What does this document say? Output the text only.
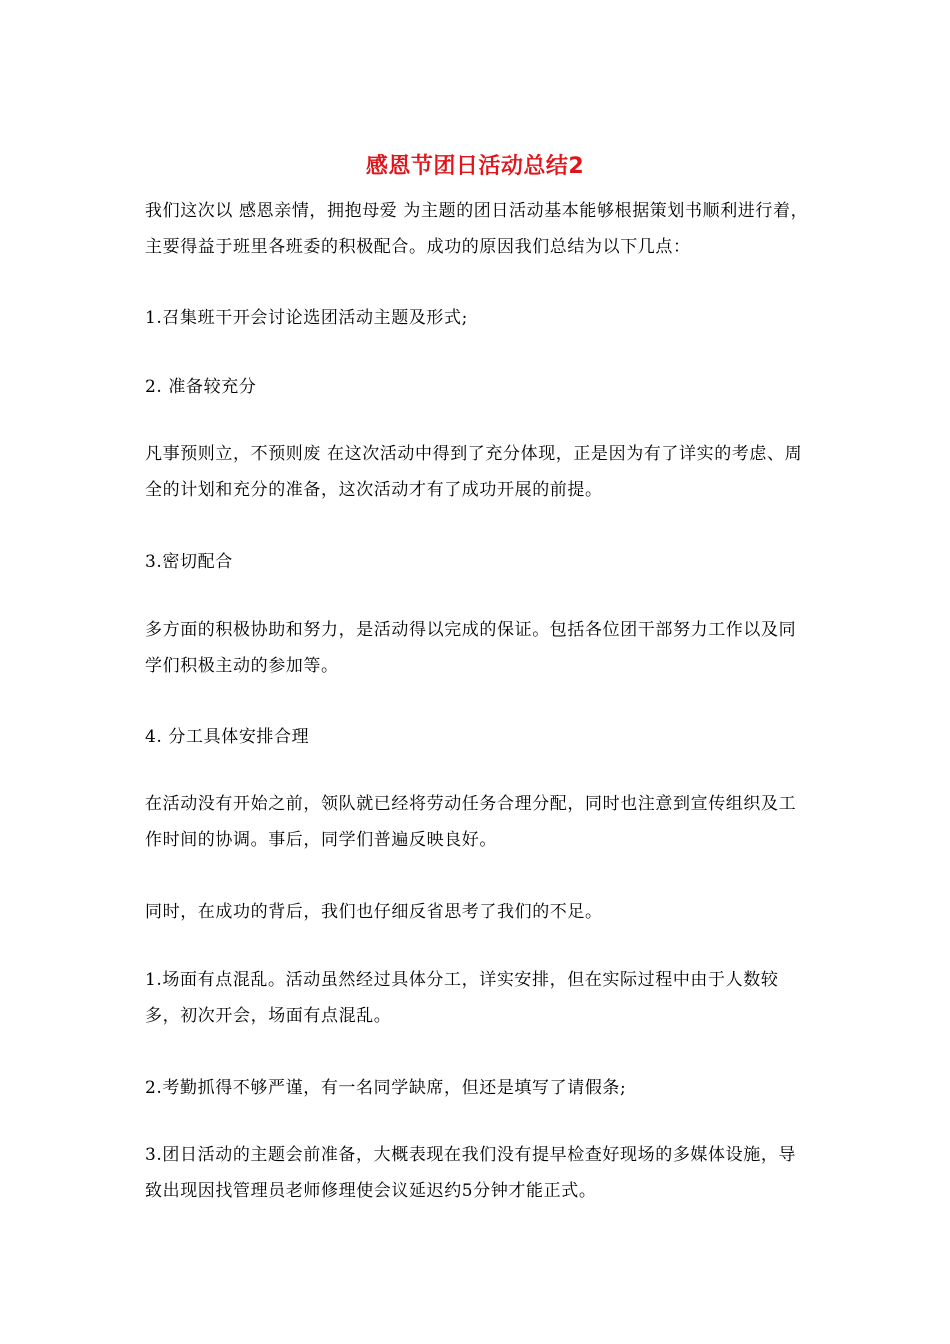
感恩节团日活动总结2
我们这次以 感恩亲情，拥抱母爱 为主题的团日活动基本能够根据策划书顺利进行着，主要得益于班里各班委的积极配合。成功的原因我们总结为以下几点：
1.召集班干开会讨论选团活动主题及形式;
2. 准备较充分
凡事预则立，不预则废 在这次活动中得到了充分体现，正是因为有了详实的考虑、周全的计划和充分的准备，这次活动才有了成功开展的前提。
3.密切配合
多方面的积极协助和努力，是活动得以完成的保证。包括各位团干部努力工作以及同学们积极主动的参加等。
4. 分工具体安排合理
在活动没有开始之前，领队就已经将劳动任务合理分配，同时也注意到宣传组织及工作时间的协调。事后，同学们普遍反映良好。
同时，在成功的背后，我们也仔细反省思考了我们的不足。
1.场面有点混乱。活动虽然经过具体分工，详实安排，但在实际过程中由于人数较多，初次开会，场面有点混乱。
2.考勤抓得不够严谨，有一名同学缺席，但还是填写了请假条;
3.团日活动的主题会前准备，大概表现在我们没有提早检查好现场的多媒体设施，导致出现因找管理员老师修理使会议延迟约5分钟才能正式。
